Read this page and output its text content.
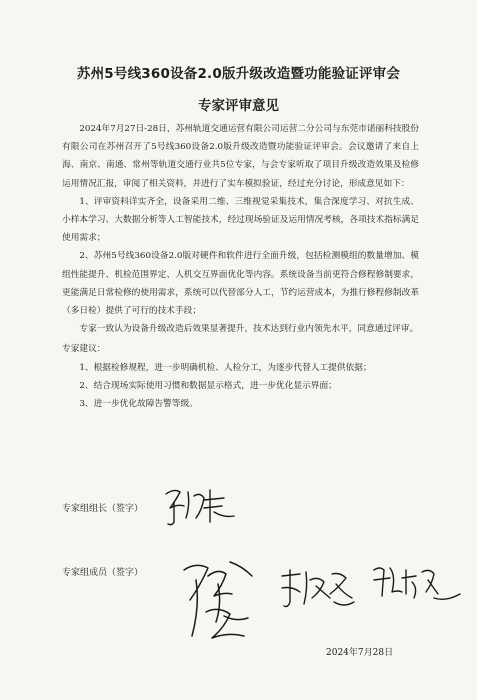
苏州5号线360设备2.0版升级改造暨功能验证评审会
专家评审意见

2024年7月27日-28日，苏州轨道交通运营有限公司运营二分公司与东莞市诺丽科技股份有限公司在苏州召开了5号线360设备2.0版升级改造暨功能验证评审会。会议邀请了来自上海、南京、南通、常州等轨道交通行业共5位专家，与会专家听取了项目升级改造效果及检修运用情况汇报，审阅了相关资料，并进行了实车模拟验证，经过充分讨论，形成意见如下：

1、评审资料详实齐全，设备采用二维、三维视觉采集技术，集合深度学习、对抗生成、小样本学习、大数据分析等人工智能技术，经过现场验证及运用情况考核，各项技术指标满足使用需求；

2、苏州5号线360设备2.0版对硬件和软件进行全面升级，包括检测模组的数量增加、模组性能提升、机检范围界定、人机交互界面优化等内容。系统设备当前更符合修程修制要求，更能满足日常检修的使用需求，系统可以代替部分人工，节约运营成本，为推行修程修制改革（多日检）提供了可行的技术手段；

专家一致认为设备升级改造后效果显著提升，技术达到行业内领先水平，同意通过评审。

专家建议：

1、根据检修规程，进一步明确机检、人检分工，为逐步代替人工提供依据；

2、结合现场实际使用习惯和数据显示格式，进一步优化显示界面；

3、进一步优化故障告警等级。

专家组组长（签字）
专家组成员（签字）
2024年7月28日
